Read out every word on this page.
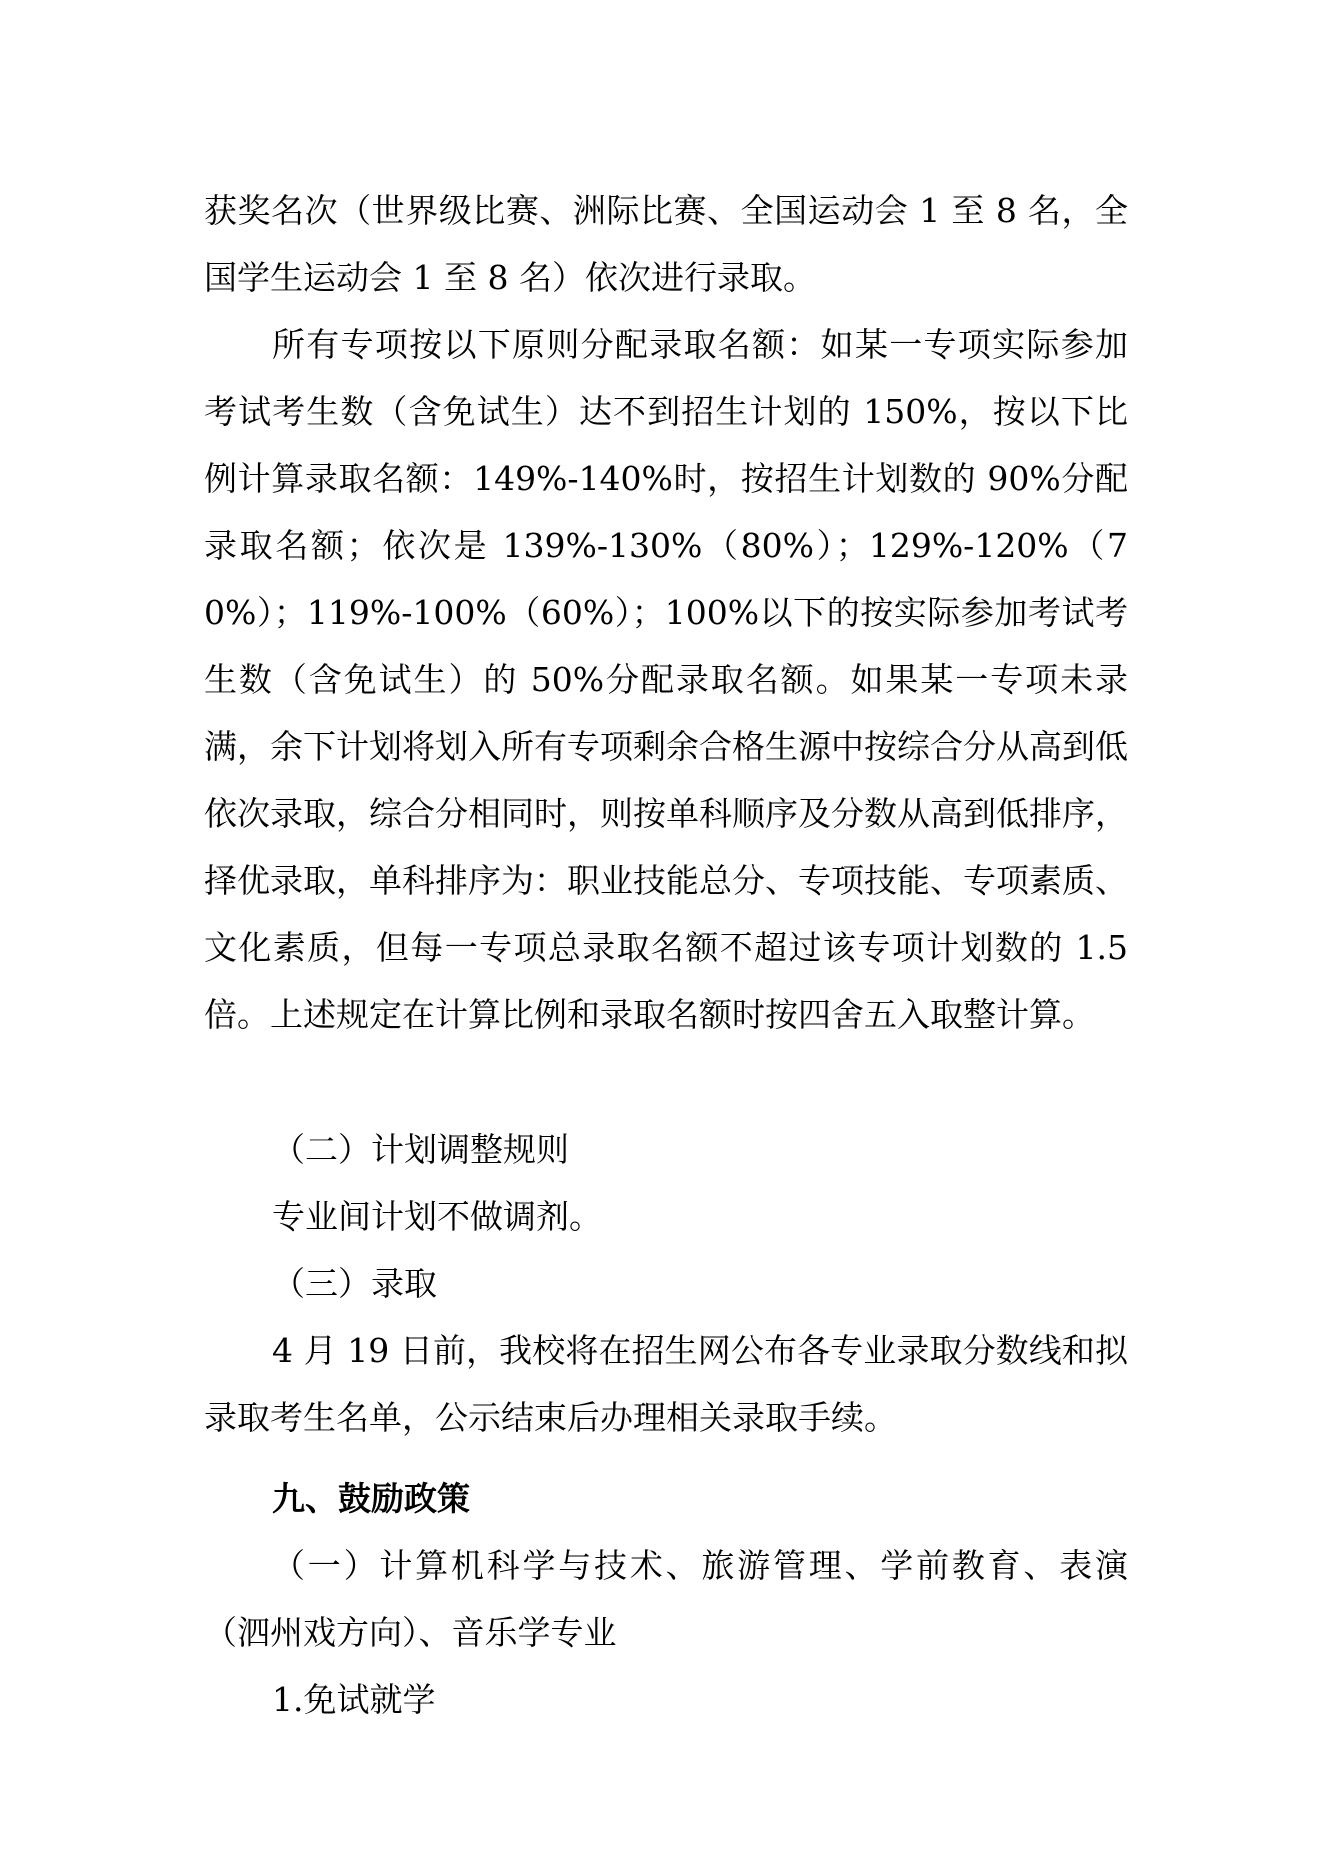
获奖名次（世界级比赛、洲际比赛、全国运动会 1 至 8 名，全国学生运动会 1 至 8 名）依次进行录取。

所有专项按以下原则分配录取名额：如某一专项实际参加考试考生数（含免试生）达不到招生计划的 150%，按以下比例计算录取名额：149%-140%时，按招生计划数的 90%分配录取名额；依次是 139%-130%（80%）；129%-120%（70%）；119%-100%（60%）；100%以下的按实际参加考试考生数（含免试生）的 50%分配录取名额。如果某一专项未录满，余下计划将划入所有专项剩余合格生源中按综合分从高到低依次录取，综合分相同时，则按单科顺序及分数从高到低排序，择优录取，单科排序为：职业技能总分、专项技能、专项素质、文化素质，但每一专项总录取名额不超过该专项计划数的 1.5 倍。上述规定在计算比例和录取名额时按四舍五入取整计算。

（二）计划调整规则

专业间计划不做调剂。

（三）录取

4 月 19 日前，我校将在招生网公布各专业录取分数线和拟录取考生名单，公示结束后办理相关录取手续。

九、鼓励政策

（一）计算机科学与技术、旅游管理、学前教育、表演（泗州戏方向）、音乐学专业

1.免试就学
